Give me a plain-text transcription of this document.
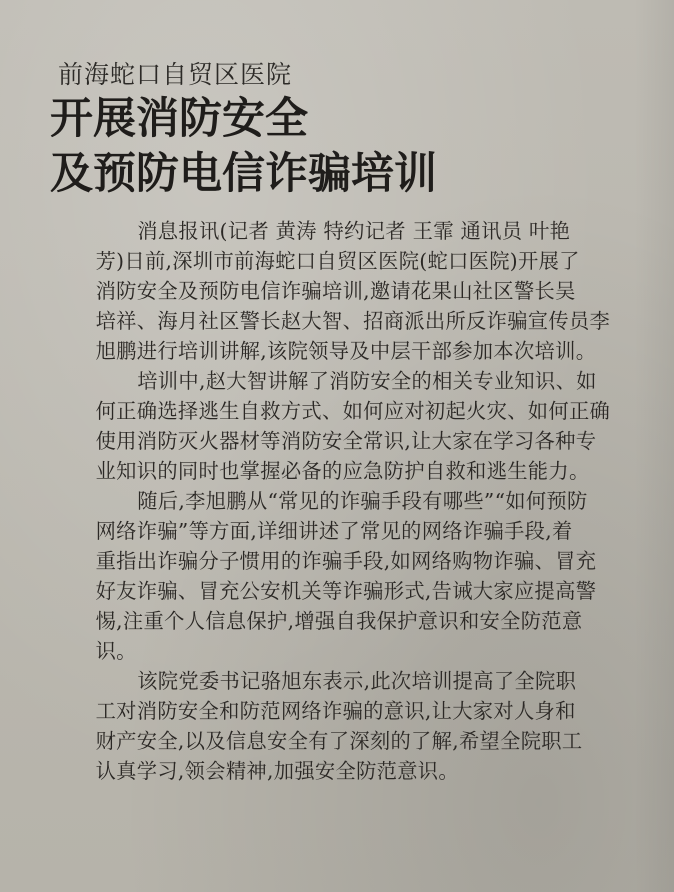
前海蛇口自贸区医院
开展消防安全
及预防电信诈骗培训
消息报讯(记者 黄涛 特约记者 王霏 通讯员 叶艳
芳)日前,深圳市前海蛇口自贸区医院(蛇口医院)开展了
消防安全及预防电信诈骗培训,邀请花果山社区警长吴
培祥、海月社区警长赵大智、招商派出所反诈骗宣传员李
旭鹏进行培训讲解,该院领导及中层干部参加本次培训。
培训中,赵大智讲解了消防安全的相关专业知识、如
何正确选择逃生自救方式、如何应对初起火灾、如何正确
使用消防灭火器材等消防安全常识,让大家在学习各种专
业知识的同时也掌握必备的应急防护自救和逃生能力。
随后,李旭鹏从“常见的诈骗手段有哪些”“如何预防
网络诈骗”等方面,详细讲述了常见的网络诈骗手段,着
重指出诈骗分子惯用的诈骗手段,如网络购物诈骗、冒充
好友诈骗、冒充公安机关等诈骗形式,告诫大家应提高警
惕,注重个人信息保护,增强自我保护意识和安全防范意
识。
该院党委书记骆旭东表示,此次培训提高了全院职
工对消防安全和防范网络诈骗的意识,让大家对人身和
财产安全,以及信息安全有了深刻的了解,希望全院职工
认真学习,领会精神,加强安全防范意识。
